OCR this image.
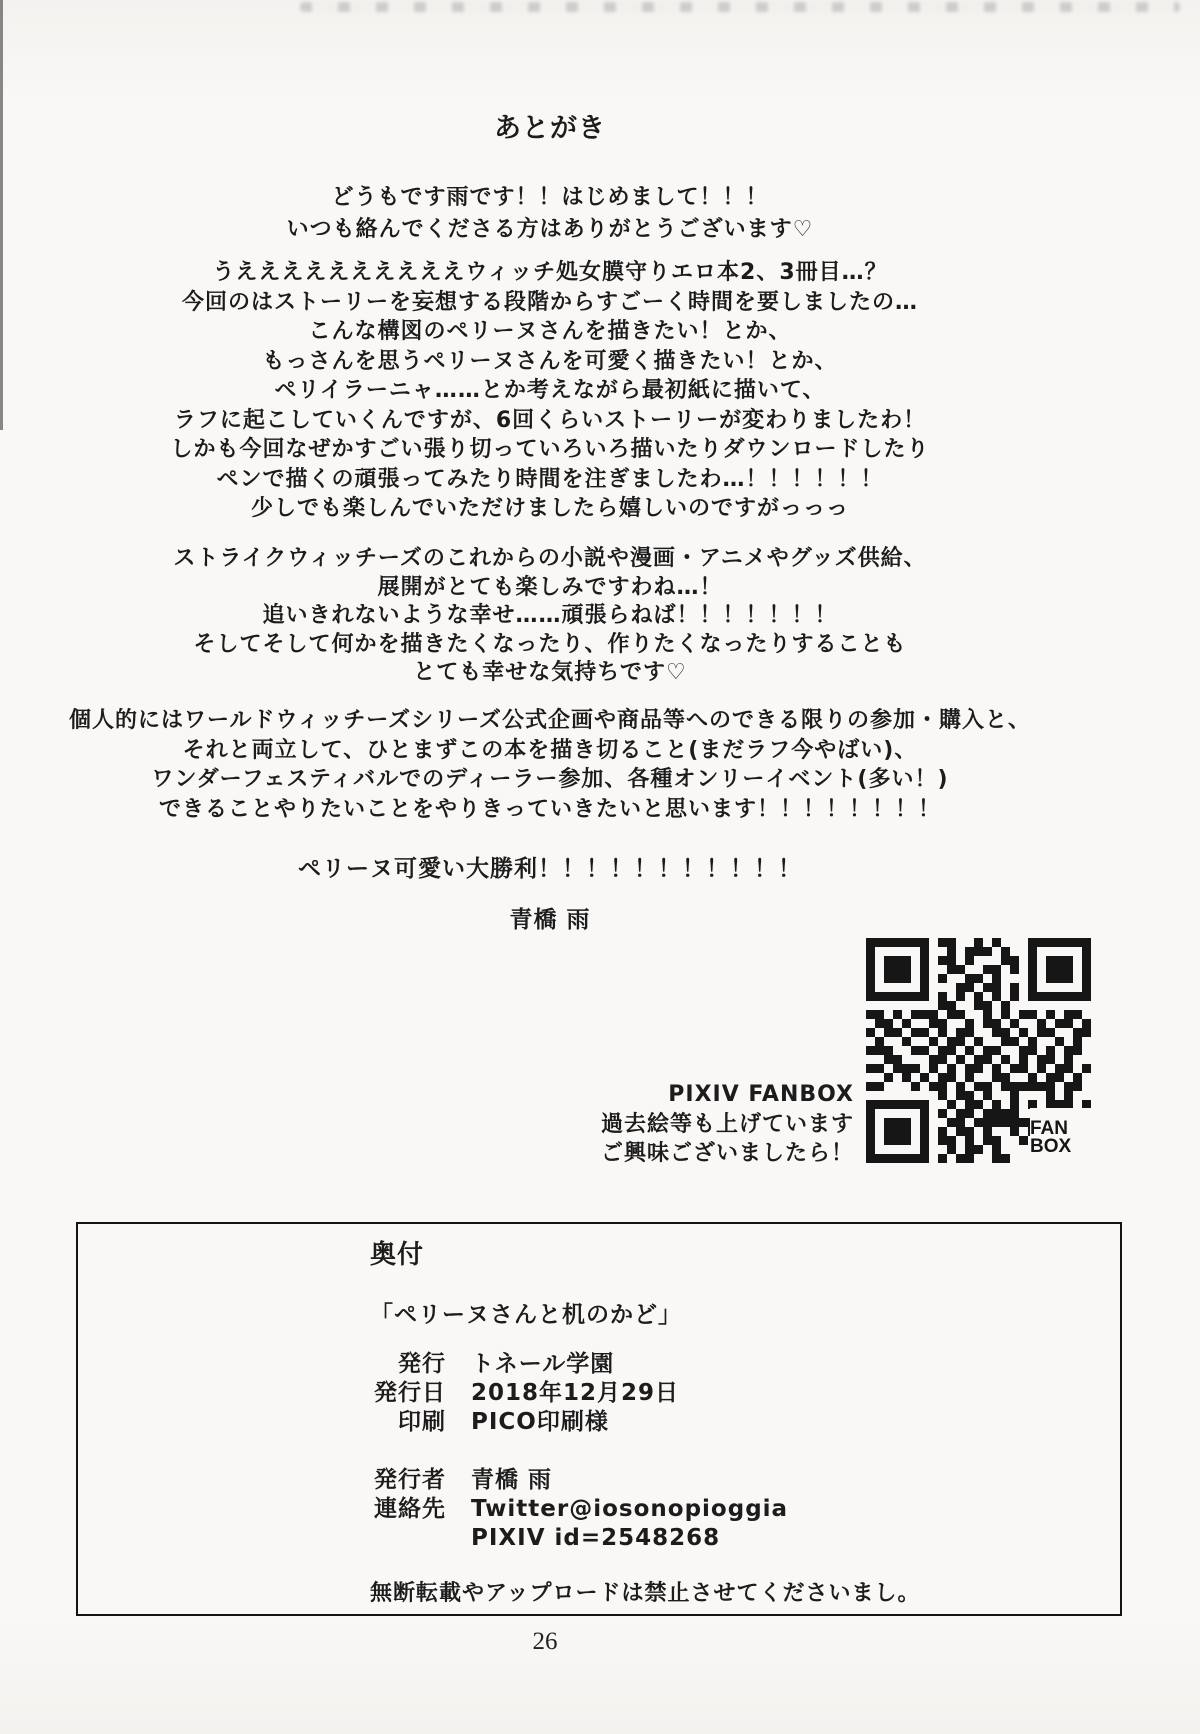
あとがき
どうもです雨です！！はじめまして！！！
いつも絡んでくださる方はありがとうございます♡
うええええええええええウィッチ処女膜守りエロ本2、3冊目…？
今回のはストーリーを妄想する段階からすごーく時間を要しましたの…
こんな構図のペリーヌさんを描きたい！とか、
もっさんを思うペリーヌさんを可愛く描きたい！とか、
ペリイラーニャ……とか考えながら最初紙に描いて、
ラフに起こしていくんですが、6回くらいストーリーが変わりましたわ！
しかも今回なぜかすごい張り切っていろいろ描いたりダウンロードしたり
ペンで描くの頑張ってみたり時間を注ぎましたわ…！！！！！！
少しでも楽しんでいただけましたら嬉しいのですがっっっ
ストライクウィッチーズのこれからの小説や漫画・アニメやグッズ供給、
展開がとても楽しみですわね…！
追いきれないような幸せ……頑張らねば！！！！！！！
そしてそして何かを描きたくなったり、作りたくなったりすることも
とても幸せな気持ちです♡
個人的にはワールドウィッチーズシリーズ公式企画や商品等へのできる限りの参加・購入と、
それと両立して、ひとまずこの本を描き切ること(まだラフ今やばい)、
ワンダーフェスティバルでのディーラー参加、各種オンリーイベント(多い！)
できることやりたいことをやりきっていきたいと思います！！！！！！！！
ペリーヌ可愛い大勝利！！！！！！！！！！！
青橋 雨
PIXIV FANBOX
過去絵等も上げています
ご興味ございましたら！
FAN
BOX
奥付
「ペリーヌさんと机のかど」
発行 トネール学園
発行日 2018年12月29日
印刷 PICO印刷様
発行者 青橋 雨
連絡先 Twitter@iosonopioggia
PIXIV id=2548268
無断転載やアップロードは禁止させてくださいまし。
26
